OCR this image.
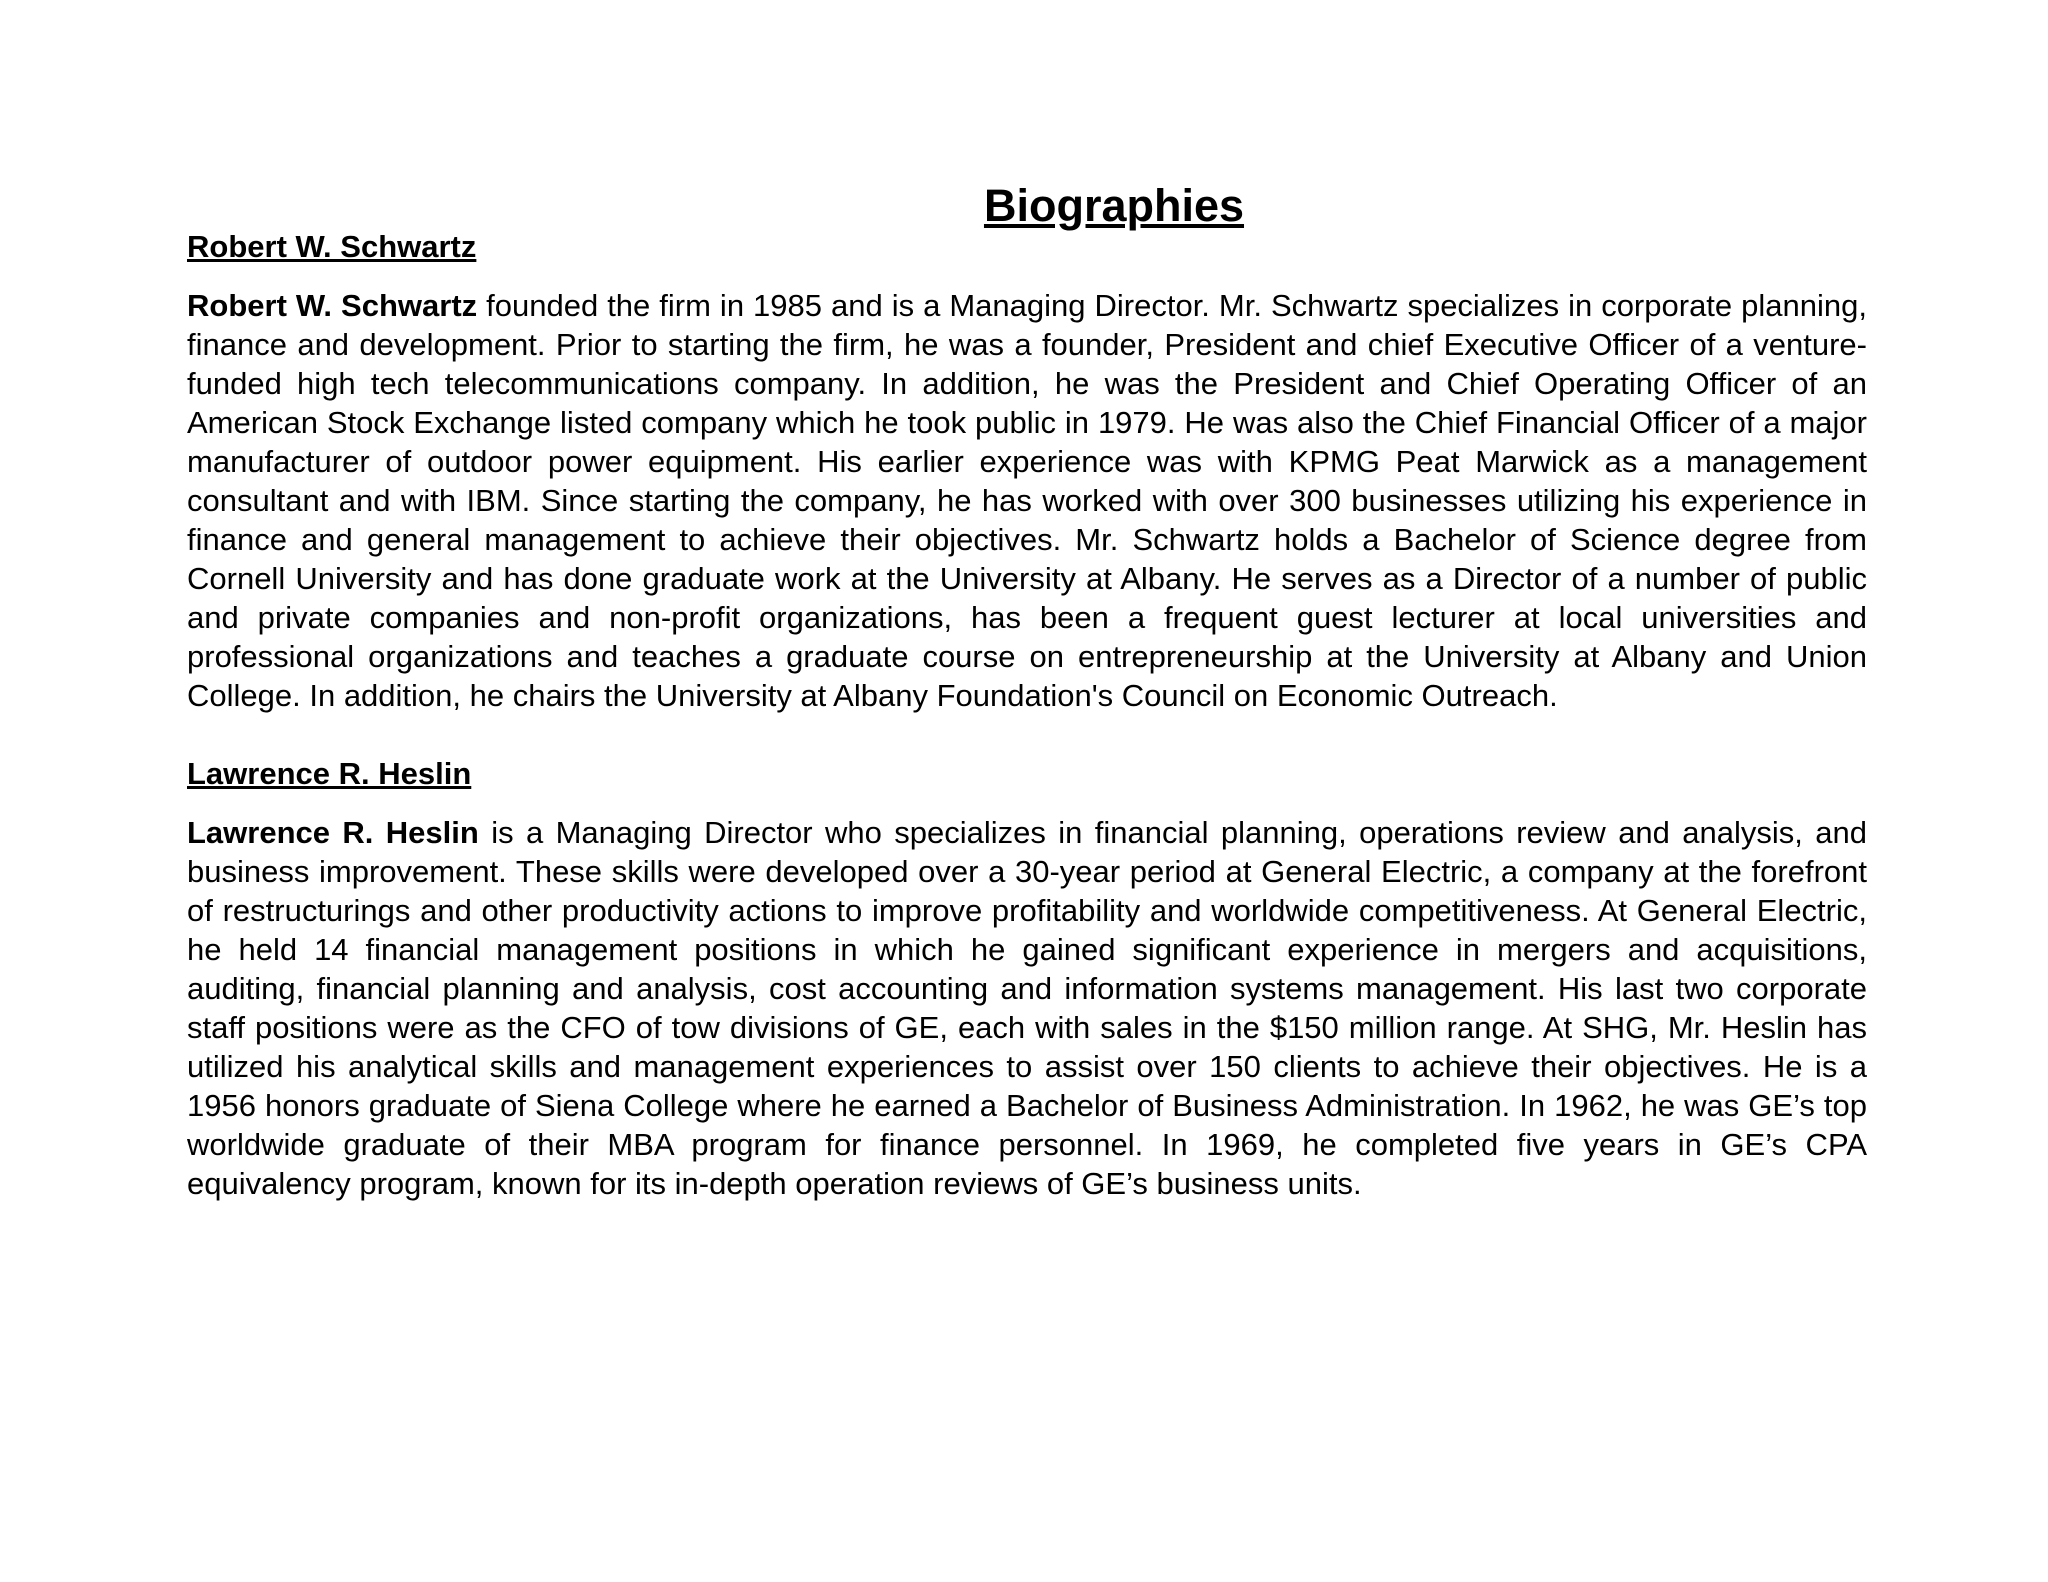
Biographies
Robert W. Schwartz

Robert W. Schwartz founded the firm in 1985 and is a Managing Director. Mr. Schwartz specializes in corporate planning, finance and development. Prior to starting the firm, he was a founder, President and chief Executive Officer of a venture-funded high tech telecommunications company. In addition, he was the President and Chief Operating Officer of an American Stock Exchange listed company which he took public in 1979. He was also the Chief Financial Officer of a major manufacturer of outdoor power equipment. His earlier experience was with KPMG Peat Marwick as a management consultant and with IBM. Since starting the company, he has worked with over 300 businesses utilizing his experience in finance and general management to achieve their objectives. Mr. Schwartz holds a Bachelor of Science degree from Cornell University and has done graduate work at the University at Albany. He serves as a Director of a number of public and private companies and non-profit organizations, has been a frequent guest lecturer at local universities and professional organizations and teaches a graduate course on entrepreneurship at the University at Albany and Union College. In addition, he chairs the University at Albany Foundation's Council on Economic Outreach.

Lawrence R. Heslin

Lawrence R. Heslin is a Managing Director who specializes in financial planning, operations review and analysis, and business improvement. These skills were developed over a 30-year period at General Electric, a company at the forefront of restructurings and other productivity actions to improve profitability and worldwide competitiveness. At General Electric, he held 14 financial management positions in which he gained significant experience in mergers and acquisitions, auditing, financial planning and analysis, cost accounting and information systems management. His last two corporate staff positions were as the CFO of tow divisions of GE, each with sales in the $150 million range. At SHG, Mr. Heslin has utilized his analytical skills and management experiences to assist over 150 clients to achieve their objectives. He is a 1956 honors graduate of Siena College where he earned a Bachelor of Business Administration. In 1962, he was GE’s top worldwide graduate of their MBA program for finance personnel. In 1969, he completed five years in GE’s CPA equivalency program, known for its in-depth operation reviews of GE’s business units.
